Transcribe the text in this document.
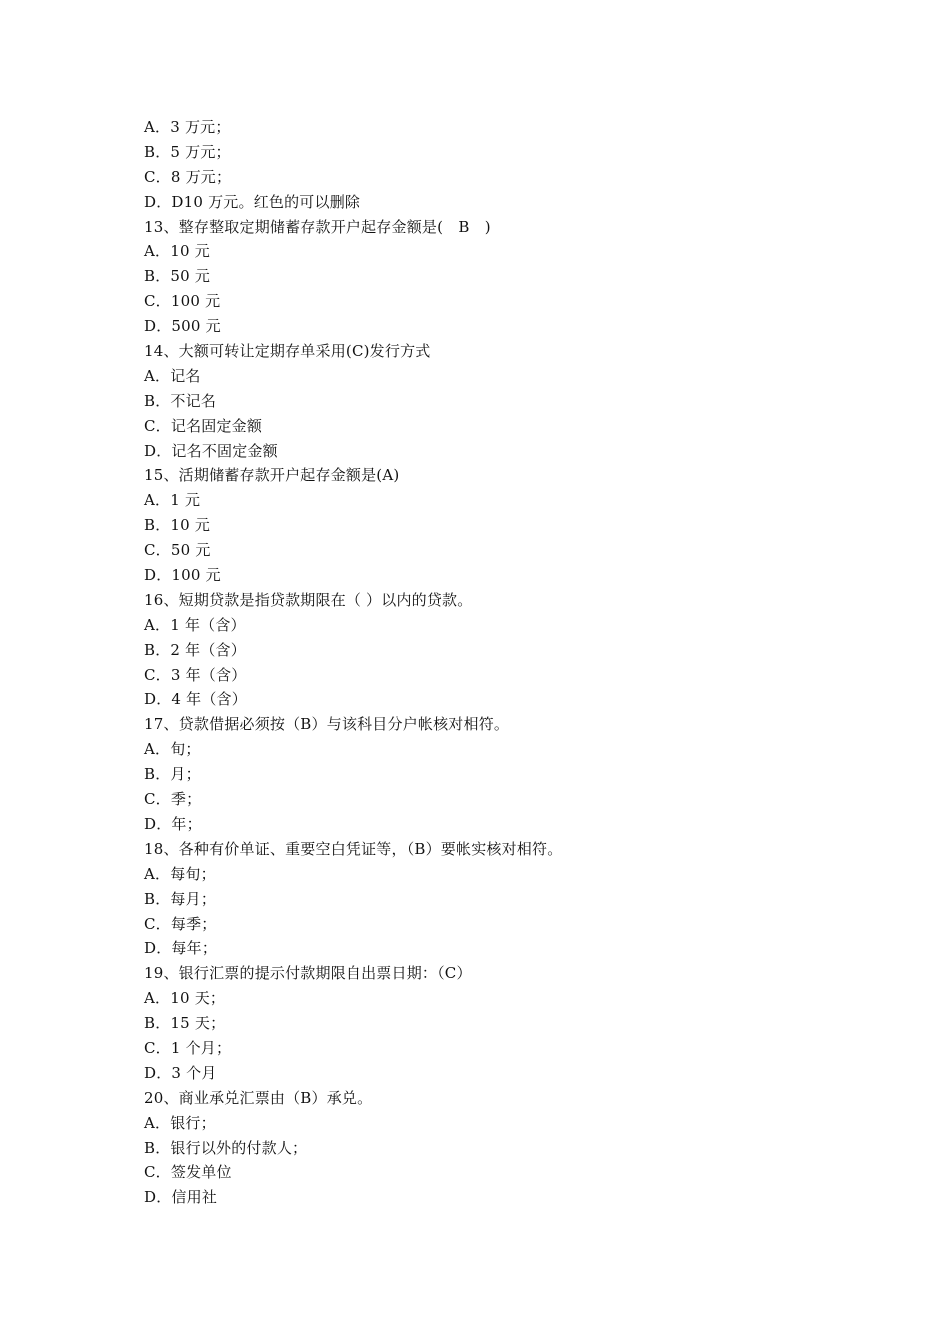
A．3 万元；
B．5 万元；
C．8 万元；
D．D10 万元。红色的可以删除
13、整存整取定期储蓄存款开户起存金额是(　B　)
A．10 元
B．50 元
C．100 元
D．500 元
14、大额可转让定期存单采用(C)发行方式
A．记名
B．不记名
C．记名固定金额
D．记名不固定金额
15、活期储蓄存款开户起存金额是(A)
A．1 元
B．10 元
C．50 元
D．100 元
16、短期贷款是指贷款期限在（ ）以内的贷款。
A．1 年（含）
B．2 年（含）
C．3 年（含）
D．4 年（含）
17、贷款借据必须按（B）与该科目分户帐核对相符。
A．旬；
B．月；
C．季；
D．年；
18、各种有价单证、重要空白凭证等，（B）要帐实核对相符。
A．每旬；
B．每月；
C．每季；
D．每年；
19、银行汇票的提示付款期限自出票日期：（C）
A．10 天；
B．15 天；
C．1 个月；
D．3 个月
20、商业承兑汇票由（B）承兑。
A．银行；
B．银行以外的付款人；
C．签发单位
D．信用社
